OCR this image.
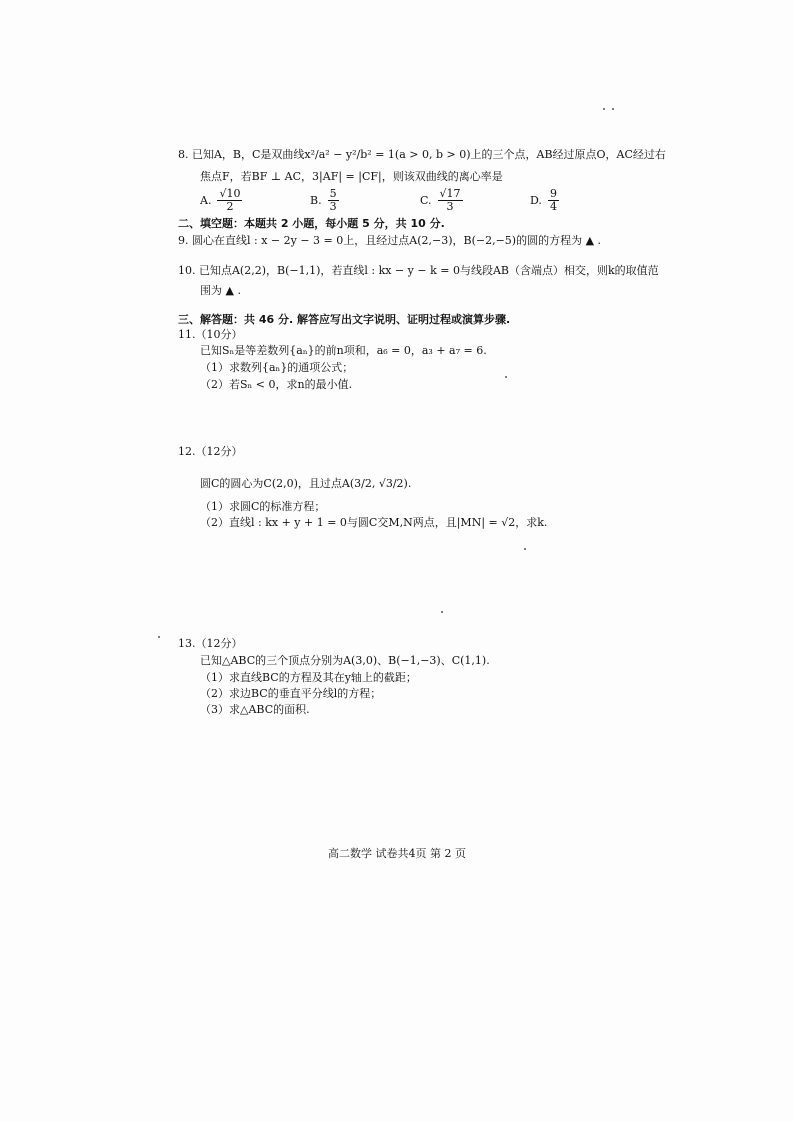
8. 已知A，B，C是双曲线x²/a² − y²/b² = 1(a > 0, b > 0)上的三个点，AB经过原点O，AC经过右
焦点F，若BF ⊥ AC，3|AF| = |CF|，则该双曲线的离心率是
A. $\frac{√10}{2}$	B. $\frac{5}{3}$	C. $\frac{√17}{3}$	D. $\frac{9}{4}$
二、填空题：本题共 2 小题，每小题 5 分，共 10 分.
9. 圆心在直线l : x − 2y − 3 = 0上，且经过点A(2,−3)，B(−2,−5)的圆的方程为 ▲ .
10. 已知点A(2,2)，B(−1,1)，若直线l : kx − y − k = 0与线段AB（含端点）相交，则k的取值范
围为 ▲ .
三、解答题：共 46 分. 解答应写出文字说明、证明过程或演算步骤.
11.（10分）
已知Sₙ是等差数列{aₙ}的前n项和，a₆ = 0，a₃ + a₇ = 6.
（1）求数列{aₙ}的通项公式；
（2）若Sₙ < 0，求n的最小值.
12.（12分）
圆C的圆心为C(2,0)，且过点A(3/2, √3/2).
（1）求圆C的标准方程；
（2）直线l : kx + y + 1 = 0与圆C交M,N两点，且|MN| = √2，求k.
13.（12分）
已知△ABC的三个顶点分别为A(3,0)、B(−1,−3)、C(1,1).
（1）求直线BC的方程及其在y轴上的截距；
（2）求边BC的垂直平分线l的方程；
（3）求△ABC的面积.
高二数学 试卷共4页 第 2 页
